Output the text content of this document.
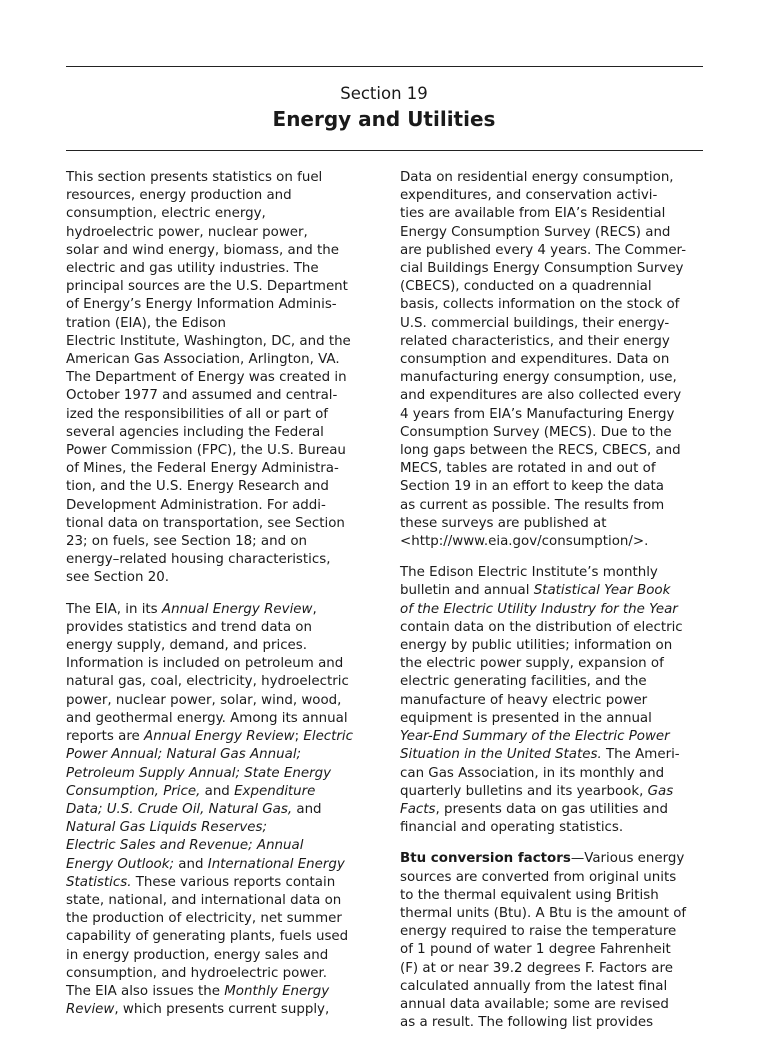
Section 19
Energy and Utilities

This section presents statistics on fuel
resources, energy production and
consumption, electric energy,
hydroelectric power, nuclear power,
solar and wind energy, biomass, and the
electric and gas utility industries. The
principal sources are the U.S. Department
of Energy’s Energy Information Adminis-
tration (EIA), the Edison
Electric Institute, Washington, DC, and the
American Gas Association, Arlington, VA.
The Department of Energy was created in
October 1977 and assumed and central-
ized the responsibilities of all or part of
several agencies including the Federal
Power Commission (FPC), the U.S. Bureau
of Mines, the Federal Energy Administra-
tion, and the U.S. Energy Research and
Development Administration. For addi-
tional data on transportation, see Section
23; on fuels, see Section 18; and on
energy–related housing characteristics,
see Section 20.

The EIA, in its Annual Energy Review,
provides statistics and trend data on
energy supply, demand, and prices.
Information is included on petroleum and
natural gas, coal, electricity, hydroelectric
power, nuclear power, solar, wind, wood,
and geothermal energy. Among its annual
reports are Annual Energy Review; Electric
Power Annual; Natural Gas Annual;
Petroleum Supply Annual; State Energy
Consumption, Price, and Expenditure
Data; U.S. Crude Oil, Natural Gas, and
Natural Gas Liquids Reserves;
Electric Sales and Revenue; Annual
Energy Outlook; and International Energy
Statistics. These various reports contain
state, national, and international data on
the production of electricity, net summer
capability of generating plants, fuels used
in energy production, energy sales and
consumption, and hydroelectric power.
The EIA also issues the Monthly Energy
Review, which presents current supply,

Data on residential energy consumption,
expenditures, and conservation activi-
ties are available from EIA’s Residential
Energy Consumption Survey (RECS) and
are published every 4 years. The Commer-
cial Buildings Energy Consumption Survey
(CBECS), conducted on a quadrennial
basis, collects information on the stock of
U.S. commercial buildings, their energy-
related characteristics, and their energy
consumption and expenditures. Data on
manufacturing energy consumption, use,
and expenditures are also collected every
4 years from EIA’s Manufacturing Energy
Consumption Survey (MECS). Due to the
long gaps between the RECS, CBECS, and
MECS, tables are rotated in and out of
Section 19 in an effort to keep the data
as current as possible. The results from
these surveys are published at
<http://www.eia.gov/consumption/>.

The Edison Electric Institute’s monthly
bulletin and annual Statistical Year Book
of the Electric Utility Industry for the Year
contain data on the distribution of electric
energy by public utilities; information on
the electric power supply, expansion of
electric generating facilities, and the
manufacture of heavy electric power
equipment is presented in the annual
Year-End Summary of the Electric Power
Situation in the United States. The Ameri-
can Gas Association, in its monthly and
quarterly bulletins and its yearbook, Gas
Facts, presents data on gas utilities and
financial and operating statistics.

Btu conversion factors—Various energy
sources are converted from original units
to the thermal equivalent using British
thermal units (Btu). A Btu is the amount of
energy required to raise the temperature
of 1 pound of water 1 degree Fahrenheit
(F) at or near 39.2 degrees F. Factors are
calculated annually from the latest final
annual data available; some are revised
as a result. The following list provides
